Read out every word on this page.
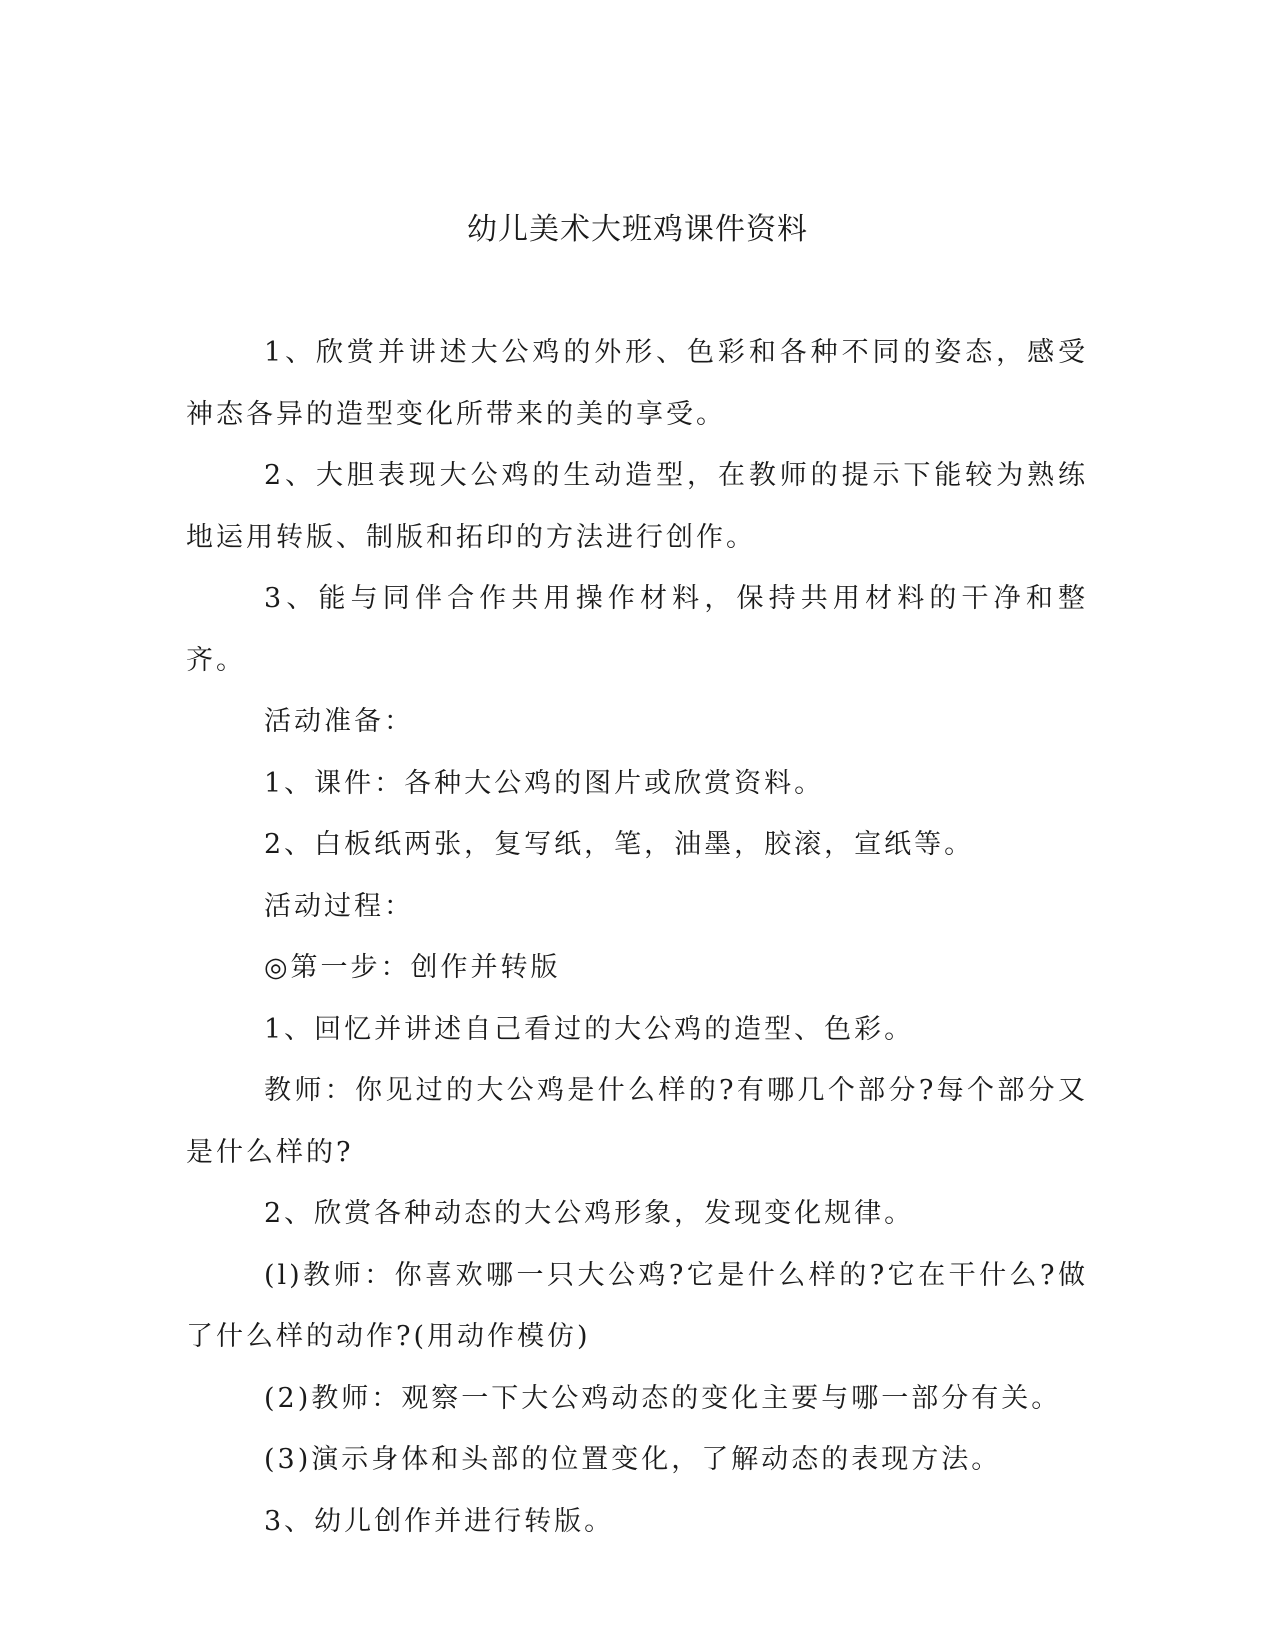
幼儿美术大班鸡课件资料

1、欣赏并讲述大公鸡的外形、色彩和各种不同的姿态，感受神态各异的造型变化所带来的美的享受。

2、大胆表现大公鸡的生动造型，在教师的提示下能较为熟练地运用转版、制版和拓印的方法进行创作。

3、能与同伴合作共用操作材料，保持共用材料的干净和整齐。

活动准备：

1、课件：各种大公鸡的图片或欣赏资料。

2、白板纸两张，复写纸，笔，油墨，胶滚，宣纸等。

活动过程：

◎第一步：创作并转版

1、回忆并讲述自己看过的大公鸡的造型、色彩。

教师：你见过的大公鸡是什么样的?有哪几个部分?每个部分又是什么样的?

2、欣赏各种动态的大公鸡形象，发现变化规律。

(l)教师：你喜欢哪一只大公鸡?它是什么样的?它在干什么?做了什么样的动作?(用动作模仿)

(2)教师：观察一下大公鸡动态的变化主要与哪一部分有关。

(3)演示身体和头部的位置变化，了解动态的表现方法。

3、幼儿创作并进行转版。
